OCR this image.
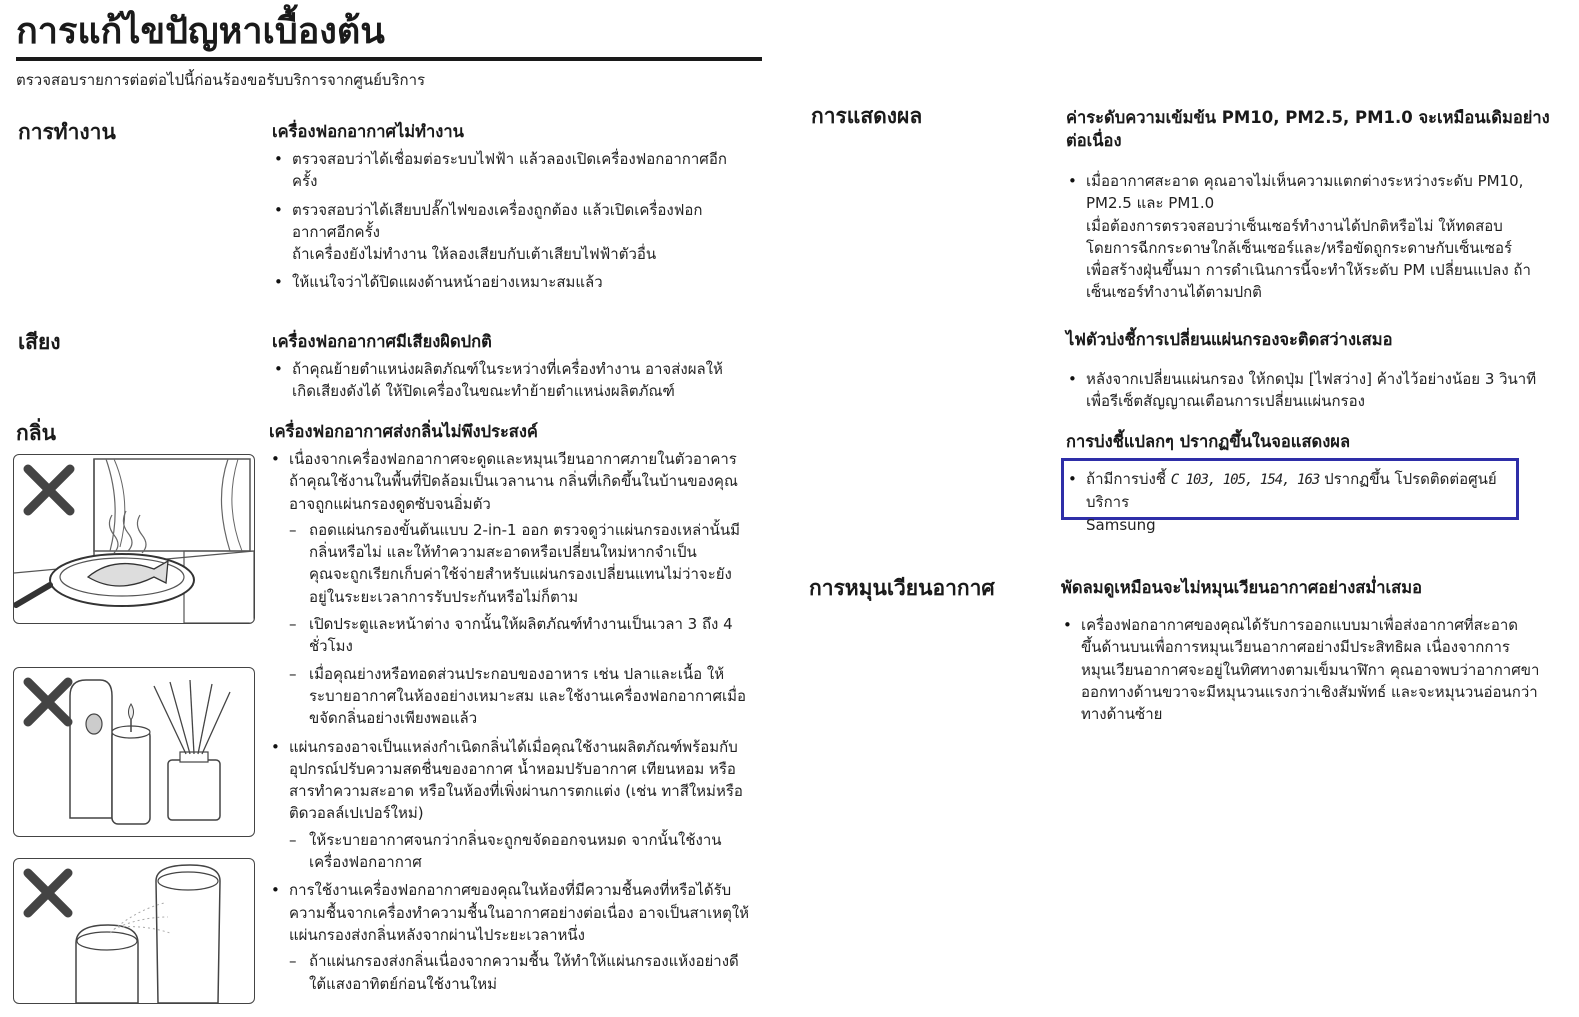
การแก้ไขปัญหาเบื้องต้น
ตรวจสอบรายการต่อต่อไปนี้ก่อนร้องขอรับบริการจากศูนย์บริการ
การทำงาน	เครื่องฟอกอากาศไม่ทำงาน
• ตรวจสอบว่าได้เชื่อมต่อระบบไฟฟ้า แล้วลองเปิดเครื่องฟอกอากาศอีก
ครั้ง
• ตรวจสอบว่าได้เสียบปลั๊กไฟของเครื่องถูกต้อง แล้วเปิดเครื่องฟอก
อากาศอีกครั้ง
ถ้าเครื่องยังไม่ทำงาน ให้ลองเสียบกับเต้าเสียบไฟฟ้าตัวอื่น
• ให้แน่ใจว่าได้ปิดแผงด้านหน้าอย่างเหมาะสมแล้ว
เสียง	เครื่องฟอกอากาศมีเสียงผิดปกติ
• ถ้าคุณย้ายตำแหน่งผลิตภัณฑ์ในระหว่างที่เครื่องทำงาน อาจส่งผลให้
เกิดเสียงดังได้ ให้ปิดเครื่องในขณะทำย้ายตำแหน่งผลิตภัณฑ์
กลิ่น	เครื่องฟอกอากาศส่งกลิ่นไม่พึงประสงค์
• เนื่องจากเครื่องฟอกอากาศจะดูดและหมุนเวียนอากาศภายในตัวอาคาร
ถ้าคุณใช้งานในพื้นที่ปิดล้อมเป็นเวลานาน กลิ่นที่เกิดขึ้นในบ้านของคุณ
อาจถูกแผ่นกรองดูดซับจนอิ่มตัว
– ถอดแผ่นกรองขั้นต้นแบบ 2-in-1 ออก ตรวจดูว่าแผ่นกรองเหล่านั้นมี
กลิ่นหรือไม่ และให้ทำความสะอาดหรือเปลี่ยนใหม่หากจำเป็น
คุณจะถูกเรียกเก็บค่าใช้จ่ายสำหรับแผ่นกรองเปลี่ยนแทนไม่ว่าจะยัง
อยู่ในระยะเวลาการรับประกันหรือไม่ก็ตาม
– เปิดประตูและหน้าต่าง จากนั้นให้ผลิตภัณฑ์ทำงานเป็นเวลา 3 ถึง 4
ชั่วโมง
– เมื่อคุณย่างหรือทอดส่วนประกอบของอาหาร เช่น ปลาและเนื้อ ให้
ระบายอากาศในห้องอย่างเหมาะสม และใช้งานเครื่องฟอกอากาศเมื่อ
ขจัดกลิ่นอย่างเพียงพอแล้ว
• แผ่นกรองอาจเป็นแหล่งกำเนิดกลิ่นได้เมื่อคุณใช้งานผลิตภัณฑ์พร้อมกับ
อุปกรณ์ปรับความสดชื่นของอากาศ น้ำหอมปรับอากาศ เทียนหอม หรือ
สารทำความสะอาด หรือในห้องที่เพิ่งผ่านการตกแต่ง (เช่น ทาสีใหม่หรือ
ติดวอลล์เปเปอร์ใหม่)
– ให้ระบายอากาศจนกว่ากลิ่นจะถูกขจัดออกจนหมด จากนั้นใช้งาน
เครื่องฟอกอากาศ
• การใช้งานเครื่องฟอกอากาศของคุณในห้องที่มีความชื้นคงที่หรือได้รับ
ความชื้นจากเครื่องทำความชื้นในอากาศอย่างต่อเนื่อง อาจเป็นสาเหตุให้
แผ่นกรองส่งกลิ่นหลังจากผ่านไประยะเวลาหนึ่ง
– ถ้าแผ่นกรองส่งกลิ่นเนื่องจากความชื้น ให้ทำให้แผ่นกรองแห้งอย่างดี
ใต้แสงอาทิตย์ก่อนใช้งานใหม่
การแสดงผล	ค่าระดับความเข้มข้น PM10, PM2.5, PM1.0 จะเหมือนเดิมอย่าง
ต่อเนื่อง
• เมื่ออากาศสะอาด คุณอาจไม่เห็นความแตกต่างระหว่างระดับ PM10,
PM2.5 และ PM1.0
เมื่อต้องการตรวจสอบว่าเซ็นเซอร์ทำงานได้ปกติหรือไม่ ให้ทดสอบ
โดยการฉีกกระดาษใกล้เซ็นเซอร์และ/หรือขัดถูกระดาษกับเซ็นเซอร์
เพื่อสร้างฝุ่นขึ้นมา การดำเนินการนี้จะทำให้ระดับ PM เปลี่ยนแปลง ถ้า
เซ็นเซอร์ทำงานได้ตามปกติ
ไฟตัวบ่งชี้การเปลี่ยนแผ่นกรองจะติดสว่างเสมอ
• หลังจากเปลี่ยนแผ่นกรอง ให้กดปุ่ม [ไฟสว่าง] ค้างไว้อย่างน้อย 3 วินาที
เพื่อรีเซ็ตสัญญาณเตือนการเปลี่ยนแผ่นกรอง
การบ่งชี้แปลกๆ ปรากฏขึ้นในจอแสดงผล
• ถ้ามีการบ่งชี้ C 103, 105, 154, 163 ปรากฏขึ้น โปรดติดต่อศูนย์บริการ
Samsung
การหมุนเวียนอากาศ	พัดลมดูเหมือนจะไม่หมุนเวียนอากาศอย่างสม่ำเสมอ
• เครื่องฟอกอากาศของคุณได้รับการออกแบบมาเพื่อส่งอากาศที่สะอาด
ขึ้นด้านบนเพื่อการหมุนเวียนอากาศอย่างมีประสิทธิผล เนื่องจากการ
หมุนเวียนอากาศจะอยู่ในทิศทางตามเข็มนาฬิกา คุณอาจพบว่าอากาศขา
ออกทางด้านขวาจะมีหมุนวนแรงกว่าเชิงสัมพัทธ์ และจะหมุนวนอ่อนกว่า
ทางด้านซ้าย
